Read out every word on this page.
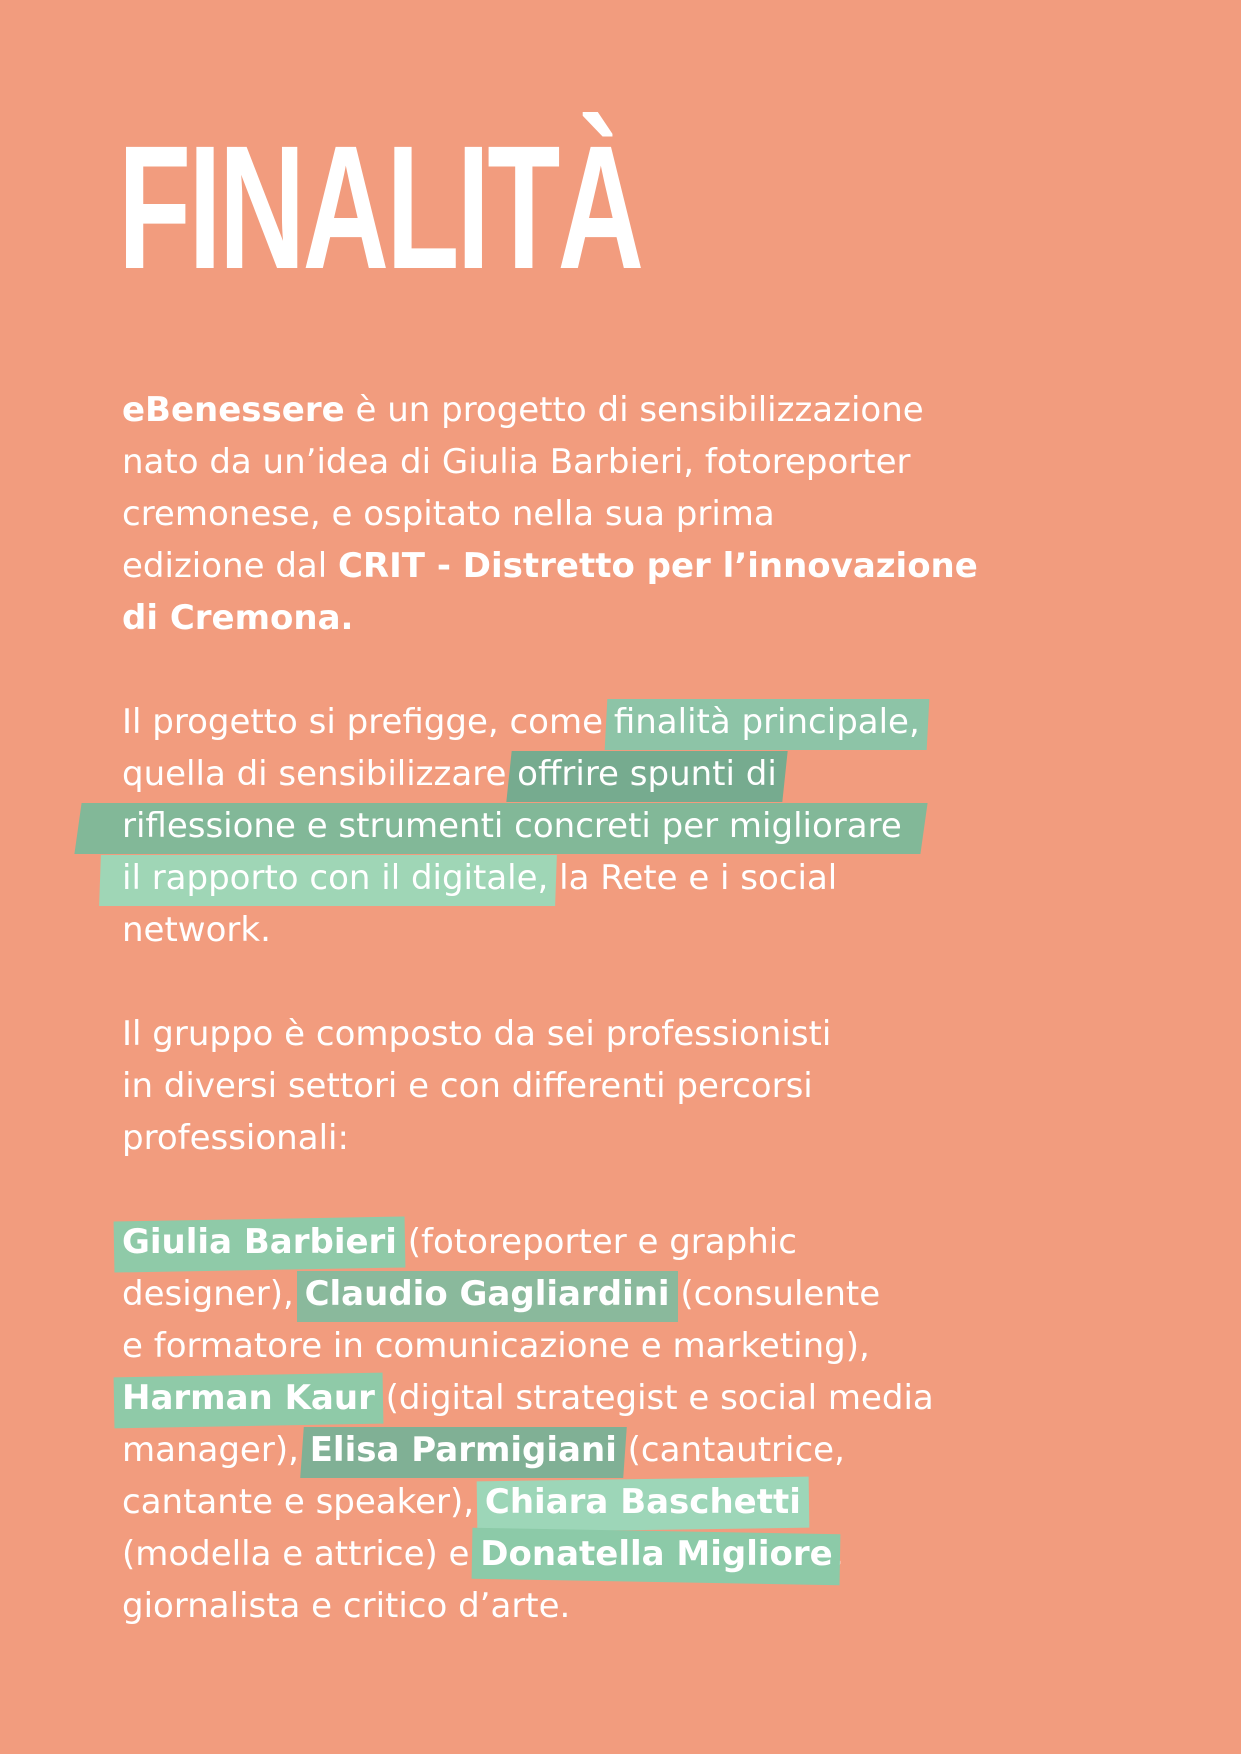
FINALITÀ

eBenessere è un progetto di sensibilizzazione
nato da un’idea di Giulia Barbieri, fotoreporter
cremonese, e ospitato nella sua prima
edizione dal CRIT - Distretto per l’innovazione
di Cremona.

Il progetto si prefigge, come finalità principale,
quella di sensibilizzare,offrire spunti di
riflessione e strumenti concreti per migliorare
il rapporto con il digitale, la Rete e i social
network.

Il gruppo è composto da sei professionisti
in diversi settori e con differenti percorsi
professionali:

Giulia Barbieri (fotoreporter e graphic
designer), Claudio Gagliardini (consulente
e formatore in comunicazione e marketing),
Harman Kaur (digital strategist e social media
manager), Elisa Parmigiani (cantautrice,
cantante e speaker), Chiara Baschetti
(modella e attrice) e Donatella Migliore,
giornalista e critico d’arte.
